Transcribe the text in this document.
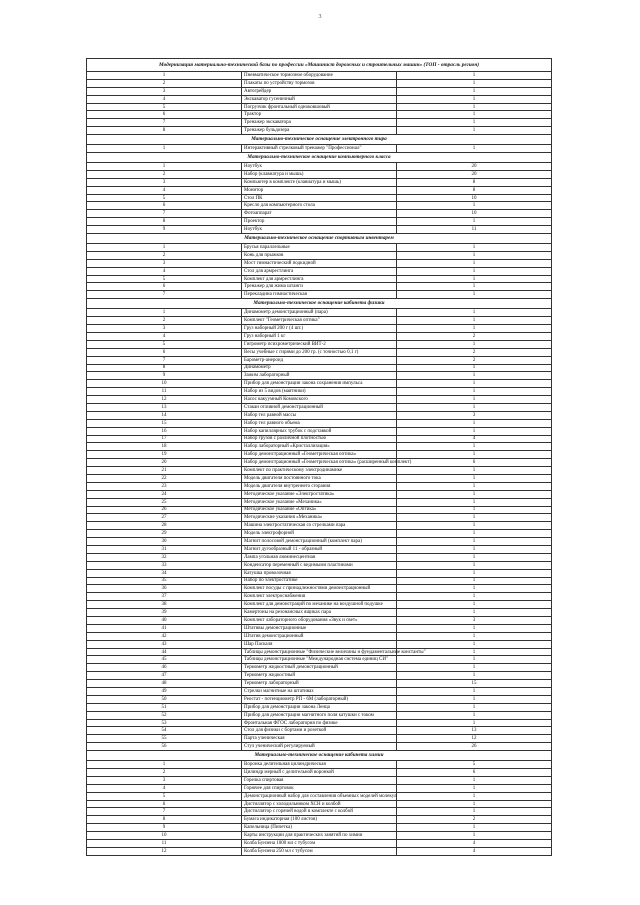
3
Модернизация материально-технической базы по профессии «Машинист дорожных и строительных машин» (ТОП - отрасль регион)		
1	Пневматическое тормозное оборудование	1
2	Плакаты по устройству тормозов	1
3	Автогрейдер	1
4	Экскаватор гусеничный	1
5	Погрузчик фронтальный одноковшовый	1
6	Трактор	1
7	Тренажер экскаватора	1
8	Тренажер бульдозера	1
Материально-техническое оснащение электронного тира		
1	Интерактивный стрелковый тренажер "Профессионал"	1
Материально-техническое оснащение компьютерного класса		
1	Ноутбук	20
2	Набор (клавиатура и мышь)	20
3	Компьютер в комплекте (клавиатура и мышь)	8
4	Монитор	8
5	Стол ПК	10
6	Кресло для компьютерного стола	1
7	Фотоаппарат	10
8	Проектор	1
9	Ноутбук	11
Материально-техническое оснащение спортивным инвентарем		
1	Брусья параллельные	1
2	Конь для прыжков	1
3	Мост гимнастический подкидной	1
4	Стол для армрестлинга	1
5	Комплект для армрестлинга	1
6	Тренажер для жима штанги	1
7	Перекладина гимнастическая	1
Материально-техническое оснащение кабинета физики		
1	Динамометр демонстрационный (пара)	1
2	Комплект "Геометрическая оптика"	1
3	Груз наборный 200 г (4 шт.)	1
4	Груз наборный 1 кг	2
5	Гигрометр психрометрический ВИТ-2	1
6	Весы учебные с гирями до 200 гр. (с точностью 0,1 г)	2
7	Барометр-анероид	2
8	Динамометр	1
9	Зажим лабораторный	1
10	Прибор для демонстрации закона сохранения импульса	1
11	Набор из 5 видов (маятники)	1
12	Насос вакуумный Комовского	1
13	Стакан отливной демонстрационный	1
14	Набор тел равной массы	3
15	Набор тел равного объема	1
16	Набор капиллярных трубок с подставкой	1
17	Набор грузов с различной плотностью	4
18	Набор лабораторный «Кристаллизация»	1
19	Набор демонстрационный «Геометрическая оптика»	1
20	Набор демонстрационный «Геометрическая оптика» (расширенный комплект)	6
21	Комплект по практическому электродинамике	1
22	Модель двигателя постоянного тока	1
23	Модель двигателя внутреннего сгорания	1
24	Методическое указание «Электростатика»	1
25	Методическое указание «Механика»	1
26	Методическое указание «Оптика»	1
27	Методические указания «Механика»	1
28	Машина электростатическая со стрелками пара	1
29	Модель электрофорной	1
30	Магнит полосовой демонстрационный (комплект пара)	1
31	Магнит дугообразный 11 - образный	1
32	Лампа угольная люминесцентная	1
33	Конденсатор переменный с видимыми пластинами	1
34	Катушка проволочная	1
35	Набор по электростатике	1
36	Комплект посуды с принадлежностями демонстрационный	1
37	Комплект электроснабжения	1
38	Комплект для демонстраций по механике на воздушной подушке	1
39	Камертоны на резонансных ящиках пара	1
40	Комплект лабораторного оборудования «Звук и свет»	3
41	Штативы демонстрационные	1
42	Штатив демонстрационный	1
43	Шар Паскаля	1
44	Таблицы демонстрационные "Физические величины и фундаментальные константы"	1
45	Таблицы демонстрационные "Международная система единиц СИ"	1
46	Термометр жидкостный демонстрационный	1
47	Термометр жидкостный	1
48	Термометр лабораторный	15
49	Стрелки магнитные на штативах	1
50	Реостат - потенциометр РП - 6М (лабораторный)	1
51	Прибор для демонстрации закона Ленца	1
52	Прибор для демонстрации магнитного поля катушки с током	1
53	Фронтальная ФГОС лаборатория по физике	1
54	Стол для физики с бортами и розеткой	13
55	Парта ученическая	12
56	Стул ученический регулируемый	26
Материально-техническое оснащение кабинета химии		
1	Воронка делительная цилиндрическая	5
2	Цилиндр мерный с делительной воронкой	6
3	Горелка спиртовая	1
4	Горючее для спиртовок	1
5	Демонстрационный набор для составления объемных моделей молекул	1
6	Дистиллятор с холодильником ХСН и колбой	1
7	Дистиллятор с горячей водой в комплекте с колбой	1
8	Бумага индикаторная (100 листов)	2
9	Капельница (Пипетка)	1
10	Карты инструкции для практических занятий по химии	1
11	Колба Бунзена 1000 мл с тубусом	4
12	Колба Бунзена 250 мл с тубусом	4
